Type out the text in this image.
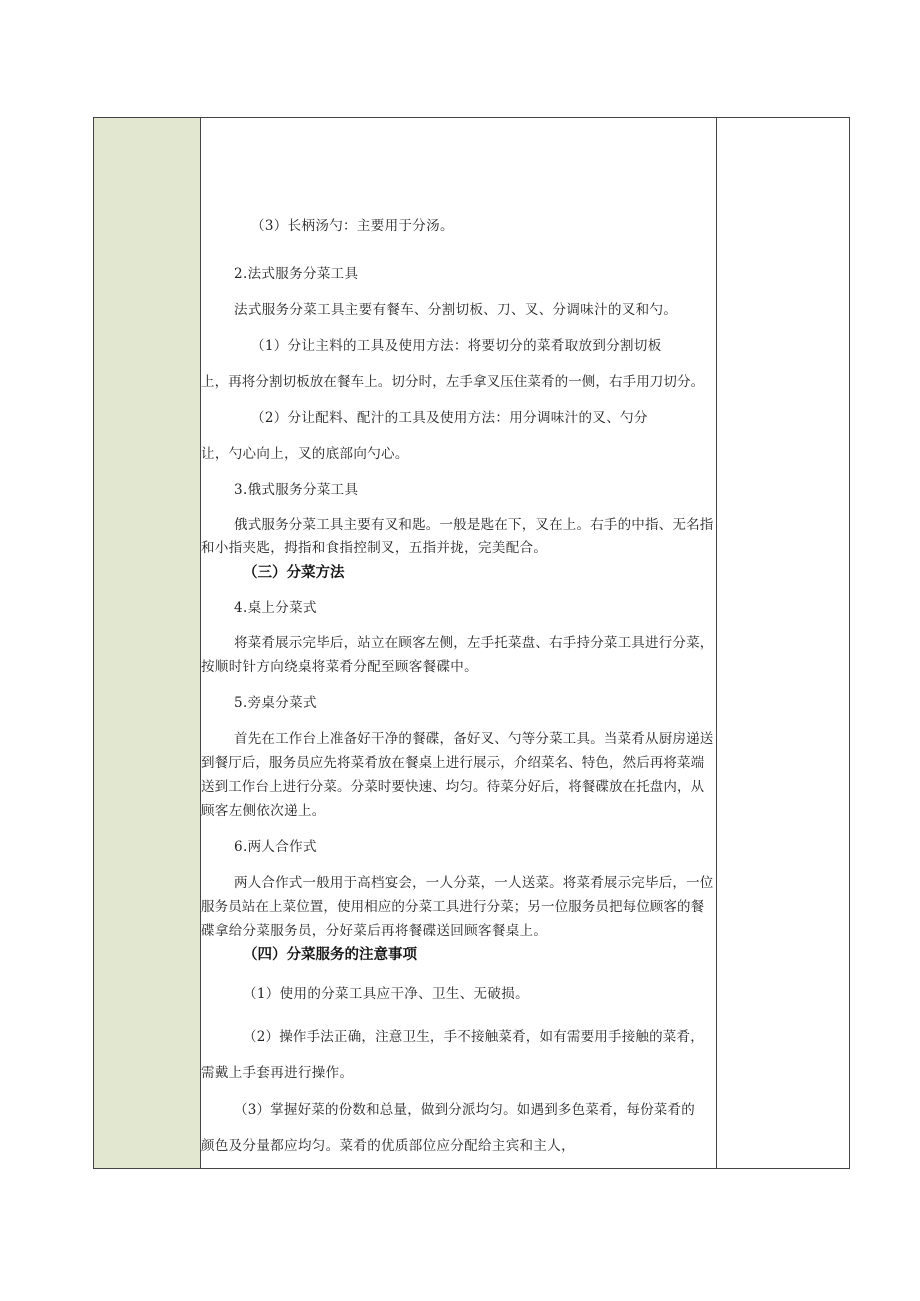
（3）长柄汤勺：主要用于分汤。
2.法式服务分菜工具
法式服务分菜工具主要有餐车、分割切板、刀、叉、分调味汁的叉和勺。
（1）分让主料的工具及使用方法：将要切分的菜肴取放到分割切板
上，再将分割切板放在餐车上。切分时，左手拿叉压住菜肴的一侧，右手用刀切分。
（2）分让配料、配汁的工具及使用方法：用分调味汁的叉、勺分
让，勺心向上，叉的底部向勺心。
3.俄式服务分菜工具
俄式服务分菜工具主要有叉和匙。一般是匙在下，叉在上。右手的中指、无名指
和小指夹匙，拇指和食指控制叉，五指并拢，完美配合。
（三）分菜方法
4.桌上分菜式
将菜肴展示完毕后，站立在顾客左侧，左手托菜盘、右手持分菜工具进行分菜，
按顺时针方向绕桌将菜肴分配至顾客餐碟中。
5.旁桌分菜式
首先在工作台上准备好干净的餐碟，备好叉、勺等分菜工具。当菜肴从厨房递送
到餐厅后，服务员应先将菜肴放在餐桌上进行展示，介绍菜名、特色，然后再将菜端
送到工作台上进行分菜。分菜时要快速、均匀。待菜分好后，将餐碟放在托盘内，从
顾客左侧依次递上。
6.两人合作式
两人合作式一般用于高档宴会，一人分菜，一人送菜。将菜肴展示完毕后，一位
服务员站在上菜位置，使用相应的分菜工具进行分菜；另一位服务员把每位顾客的餐
碟拿给分菜服务员，分好菜后再将餐碟送回顾客餐桌上。
（四）分菜服务的注意事项
（1）使用的分菜工具应干净、卫生、无破损。
（2）操作手法正确，注意卫生，手不接触菜肴，如有需要用手接触的菜肴，
需戴上手套再进行操作。
（3）掌握好菜的份数和总量，做到分派均匀。如遇到多色菜肴，每份菜肴的
颜色及分量都应均匀。菜肴的优质部位应分配给主宾和主人，
